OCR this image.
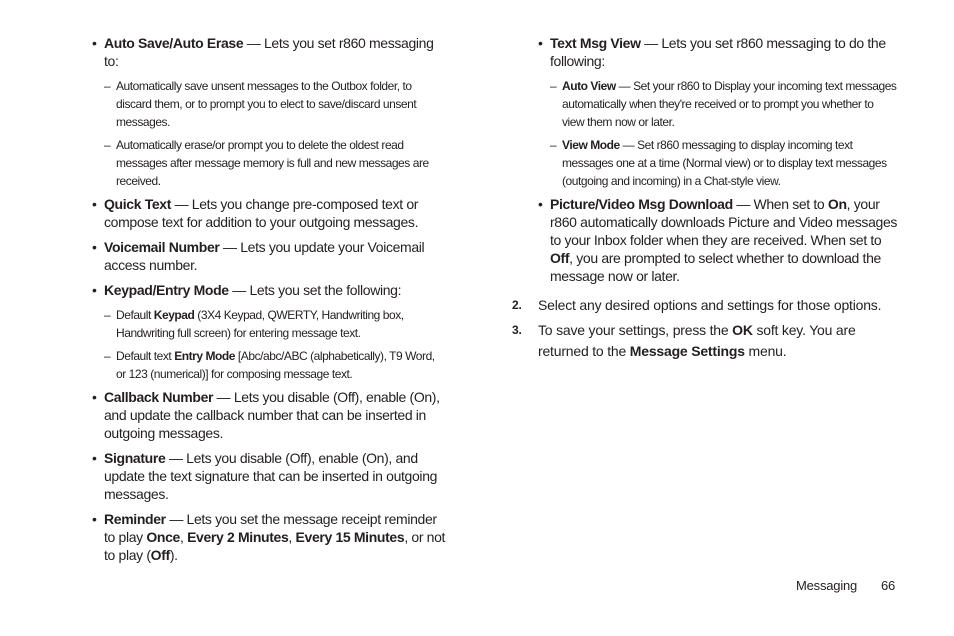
• Auto Save/Auto Erase — Lets you set r860 messaging to:
– Automatically save unsent messages to the Outbox folder, to discard them, or to prompt you to elect to save/discard unsent messages.
– Automatically erase/or prompt you to delete the oldest read messages after message memory is full and new messages are received.
• Quick Text — Lets you change pre-composed text or compose text for addition to your outgoing messages.
• Voicemail Number — Lets you update your Voicemail access number.
• Keypad/Entry Mode — Lets you set the following:
– Default Keypad (3X4 Keypad, QWERTY, Handwriting box, Handwriting full screen) for entering message text.
– Default text Entry Mode [Abc/abc/ABC (alphabetically), T9 Word, or 123 (numerical)] for composing message text.
• Callback Number — Lets you disable (Off), enable (On), and update the callback number that can be inserted in outgoing messages.
• Signature — Lets you disable (Off), enable (On), and update the text signature that can be inserted in outgoing messages.
• Reminder — Lets you set the message receipt reminder to play Once, Every 2 Minutes, Every 15 Minutes, or not to play (Off).
• Text Msg View — Lets you set r860 messaging to do the following:
– Auto View — Set your r860 to Display your incoming text messages automatically when they're received or to prompt you whether to view them now or later.
– View Mode — Set r860 messaging to display incoming text messages one at a time (Normal view) or to display text messages (outgoing and incoming) in a Chat-style view.
• Picture/Video Msg Download — When set to On, your r860 automatically downloads Picture and Video messages to your Inbox folder when they are received. When set to Off, you are prompted to select whether to download the message now or later.
2. Select any desired options and settings for those options.
3. To save your settings, press the OK soft key. You are returned to the Message Settings menu.
Messaging 66
